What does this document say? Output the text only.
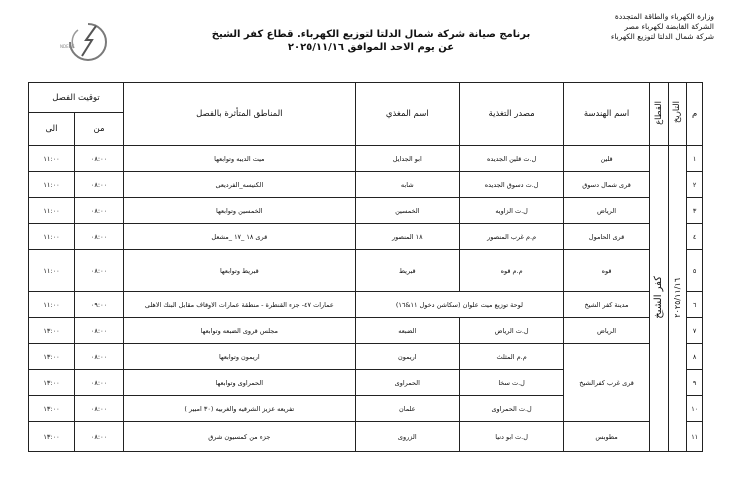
وزارة الكهرباء والطاقة المتجددة
الشركة القابضة لكهرباء مصر
شركة شمال الدلتا لتوزيع الكهرباء
برنامج صيانة شركة شمال الدلتا لتوزيع الكهرباء. قطاع كفر الشيخ
عن يوم الاحد الموافق ٢٠٢٥/١١/١٦
NDEDC
م	التاريخ	القطاع	اسم الهندسة	مصدر التغذية	اسم المغذي	المناطق المتأثرة بالفصل	توقيت الفصل	
							من	الى
١	٢٠٢٥/١١/١٦	كفر الشيخ	قلين	ل.ت قلين الجديده	ابو الجدايل	ميت الديبه وتوابعها	٠٨:٠٠	١١:٠٠
٢			قرى شمال دسوق	ل.ت دسوق الجديده	شابه	الكنيسه_الفرديعى	٠٨:٠٠	١١:٠٠
٣			الرياض	ل.ت الزاويه	الخمسين	الخمسين وتوابعها	٠٨:٠٠	١١:٠٠
٤			قرى الحامول	م.م غرب المنصور	١٨ المنصور	قرى ١٨ _١٧ _مشعل	٠٨:٠٠	١١:٠٠
٥			قوه	م.م قوه	قبريط	قبريط وتوابعها	٠٨:٠٠	١١:٠٠
٦			مدينة كفر الشيخ	لوحة توزيع ميت علوان (سكاشن دخول ١١&١٦)		عمارات ٤٧- جزء القنطرة - منطقة عمارات الاوقاف مقابل البنك الاهلى	٠٩:٠٠	١١:٠٠
٧			الرياض	ل.ت الرياض	الضبعه	مجلس قروى الضبعه وتوابعها	٠٨:٠٠	١٣:٠٠
٨			قرى غرب كفرالشيخ	م.م المثلث	اريمون	اريمون وتوابعها	٠٨:٠٠	١٣:٠٠
٩				ل.ت سخا	الحمراوى	الحمراوى وتوابعها	٠٨:٠٠	١٣:٠٠
١٠				ل.ت الحمراوى	علمان	تفريعه عزيز الشرقيه والغربيه (٣٠ امبير )	٠٨:٠٠	١٣:٠٠
١١			مطوبس	ل.ت ابو دنيا	الزروى	جزء من كمسيون شرق	٠٨:٠٠	١٣:٠٠
